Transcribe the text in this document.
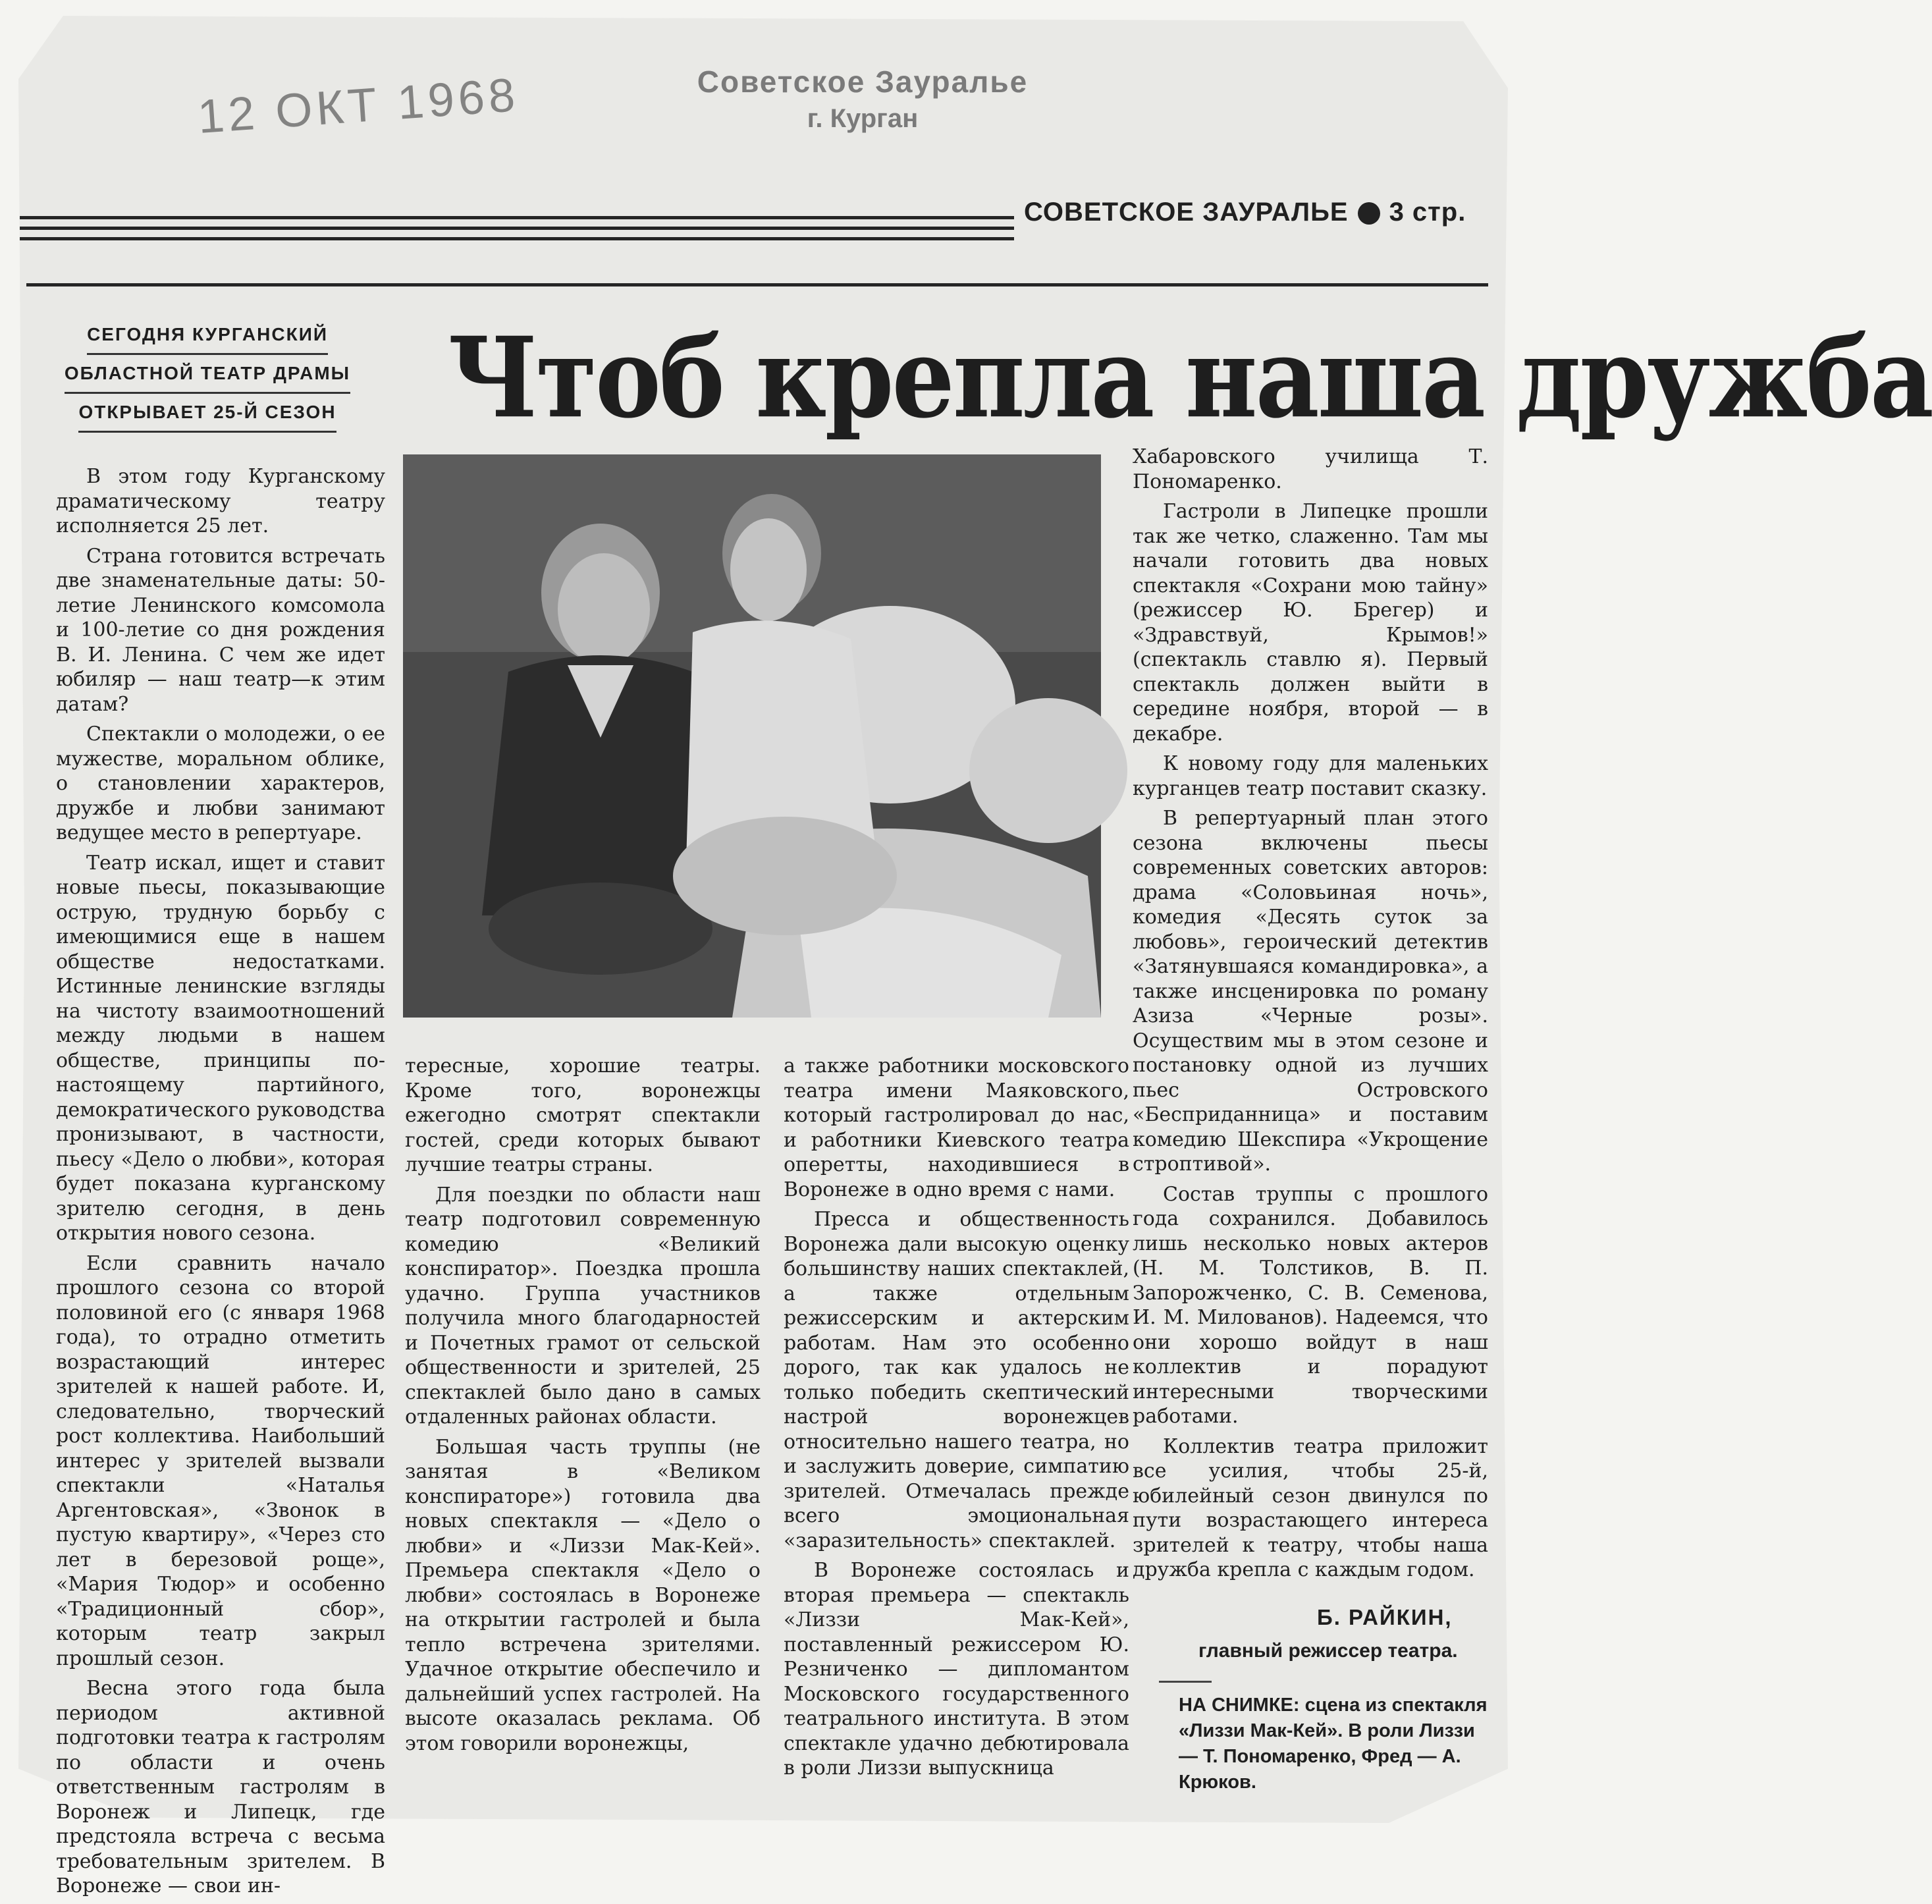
12 ОКТ 1968	Советское Зауралье
г. Курган
СОВЕТСКОЕ ЗАУРАЛЬЕ 3 стр.
СЕГОДНЯ КУРГАНСКИЙ
ОБЛАСТНОЙ ТЕАТР ДРАМЫ
ОТКРЫВАЕТ 25-Й СЕЗОН Чтоб крепла наша дружба

В этом году Курганскому драматическому театру исполняется 25 лет.

Страна готовится встречать две знаменательные даты: 50-летие Ленинского комсомола и 100-летие со дня рождения В. И. Ленина. С чем же идет юбиляр — наш театр—к этим датам?

Спектакли о молодежи, о ее мужестве, моральном облике, о становлении характеров, дружбе и любви занимают ведущее место в репертуаре.

Театр искал, ищет и ставит новые пьесы, показывающие острую, трудную борьбу с имеющимися еще в нашем обществе недостатками. Истинные ленинские взгляды на чистоту взаимоотношений между людьми в нашем обществе, принципы по-настоящему партийного, демократического руководства пронизывают, в частности, пьесу «Дело о любви», которая будет показана курганскому зрителю сегодня, в день открытия нового сезона.

Если сравнить начало прошлого сезона со второй половиной его (с января 1968 года), то отрадно отметить возрастающий интерес зрителей к нашей работе. И, следовательно, творческий рост коллектива. Наибольший интерес у зрителей вызвали спектакли «Наталья Аргентовская», «Звонок в пустую квартиру», «Через сто лет в березовой роще», «Мария Тюдор» и особенно «Традиционный сбор», которым театр закрыл прошлый сезон.

Весна этого года была периодом активной подготовки театра к гастролям по области и очень ответственным гастролям в Воронеж и Липецк, где предстояла встреча с весьма требовательным зрителем. В Воронеже — свои ин-

тересные, хорошие театры. Кроме того, воронежцы ежегодно смотрят спектакли гостей, среди которых бывают лучшие театры страны.

Для поездки по области наш театр подготовил современную комедию «Великий конспиратор». Поездка прошла удачно. Группа участников получила много благодарностей и Почетных грамот от сельской общественности и зрителей, 25 спектаклей было дано в самых отдаленных районах области.

Большая часть труппы (не занятая в «Великом конспираторе») готовила два новых спектакля — «Дело о любви» и «Лиззи Мак-Кей». Премьера спектакля «Дело о любви» состоялась в Воронеже на открытии гастролей и была тепло встречена зрителями. Удачное открытие обеспечило и дальнейший успех гастролей. На высоте оказалась реклама. Об этом говорили воронежцы,

а также работники московского театра имени Маяковского, который гастролировал до нас, и работники Киевского театра оперетты, находившиеся в Воронеже в одно время с нами.

Пресса и общественность Воронежа дали высокую оценку большинству наших спектаклей, а также отдельным режиссерским и актерским работам. Нам это особенно дорого, так как удалось не только победить скептический настрой воронежцев относительно нашего театра, но и заслужить доверие, симпатию зрителей. Отмечалась прежде всего эмоциональная «заразительность» спектаклей.

В Воронеже состоялась и вторая премьера — спектакль «Лиззи Мак-Кей», поставленный режиссером Ю. Резниченко — дипломантом Московского государственного театрального института. В этом спектакле удачно дебютировала в роли Лиззи выпускница

Хабаровского училища Т. Пономаренко.

Гастроли в Липецке прошли так же четко, слаженно. Там мы начали готовить два новых спектакля «Сохрани мою тайну» (режиссер Ю. Брегер) и «Здравствуй, Крымов!» (спектакль ставлю я). Первый спектакль должен выйти в середине ноября, второй — в декабре.

К новому году для маленьких курганцев театр поставит сказку.

В репертуарный план этого сезона включены пьесы современных советских авторов: драма «Соловьиная ночь», комедия «Десять суток за любовь», героический детектив «Затянувшаяся командировка», а также инсценировка по роману Азиза «Черные розы». Осуществим мы в этом сезоне и постановку одной из лучших пьес Островского «Бесприданница» и поставим комедию Шекспира «Укрощение строптивой».

Состав труппы с прошлого года сохранился. Добавилось лишь несколько новых актеров (Н. М. Толстиков, В. П. Запорожченко, С. В. Семенова, И. М. Милованов). Надеемся, что они хорошо войдут в наш коллектив и порадуют интересными творческими работами.

Коллектив театра приложит все усилия, чтобы 25-й, юбилейный сезон двинулся по пути возрастающего интереса зрителей к театру, чтобы наша дружба крепла с каждым годом.

Б. РАЙКИН,
главный режиссер театра.
НА СНИМКЕ: сцена из спектакля «Лиззи Мак-Кей». В роли Лиззи — Т. Пономаренко, Фред — А. Крюков.
